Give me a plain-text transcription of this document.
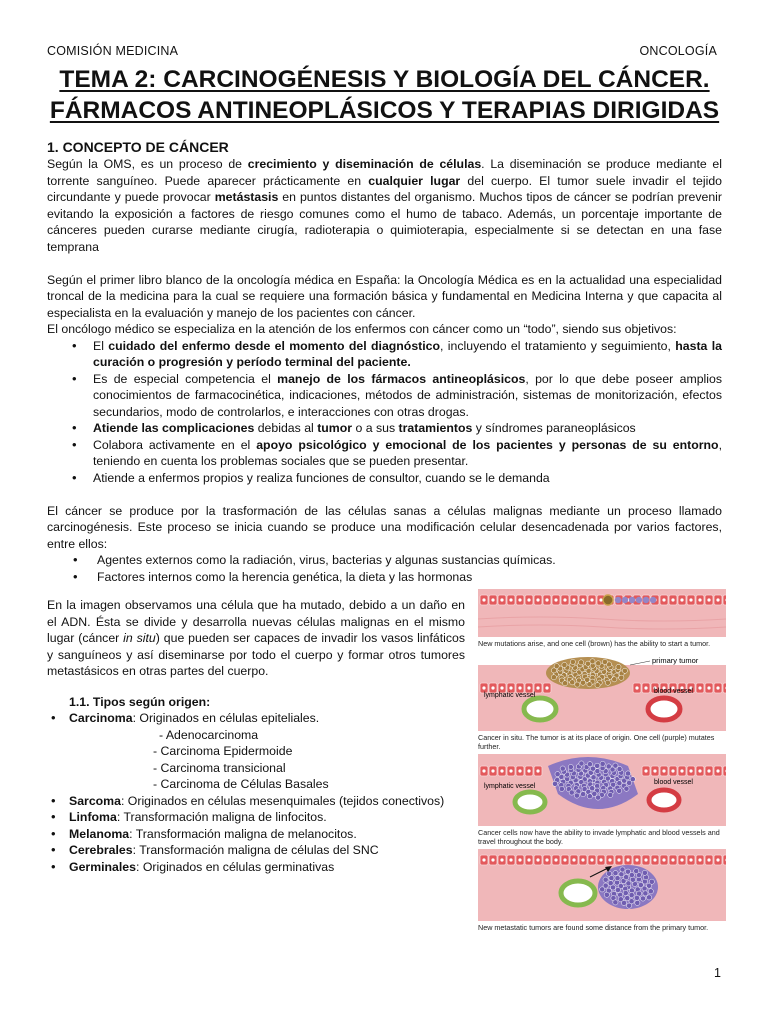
COMISIÓN MEDICINA	ONCOLOGÍA
TEMA 2: CARCINOGÉNESIS Y BIOLOGÍA DEL CÁNCER.
FÁRMACOS ANTINEOPLÁSICOS Y TERAPIAS DIRIGIDAS
1. CONCEPTO DE CÁNCER

Según la OMS, es un proceso de crecimiento y diseminación de células. La diseminación se produce mediante el torrente sanguíneo. Puede aparecer prácticamente en cualquier lugar del cuerpo. El tumor suele invadir el tejido circundante y puede provocar metástasis en puntos distantes del organismo. Muchos tipos de cáncer se podrían prevenir evitando la exposición a factores de riesgo comunes como el humo de tabaco. Además, un porcentaje importante de cánceres pueden curarse mediante cirugía, radioterapia o quimioterapia, especialmente si se detectan en una fase temprana

Según el primer libro blanco de la oncología médica en España: la Oncología Médica es en la actualidad una especialidad troncal de la medicina para la cual se requiere una formación básica y fundamental en Medicina Interna y que capacita al especialista en la evaluación y manejo de los pacientes con cáncer.

El oncólogo médico se especializa en la atención de los enfermos con cáncer como un “todo”, siendo sus objetivos:

• El cuidado del enfermo desde el momento del diagnóstico, incluyendo el tratamiento y seguimiento, hasta la curación o progresión y período terminal del paciente.
• Es de especial competencia el manejo de los fármacos antineoplásicos, por lo que debe poseer amplios conocimientos de farmacocinética, indicaciones, métodos de administración, sistemas de monitorización, efectos secundarios, modo de controlarlos, e interacciones con otras drogas.
• Atiende las complicaciones debidas al tumor o a sus tratamientos y síndromes paraneoplásicos
• Colabora activamente en el apoyo psicológico y emocional de los pacientes y personas de su entorno, teniendo en cuenta los problemas sociales que se pueden presentar.
• Atiende a enfermos propios y realiza funciones de consultor, cuando se le demanda

El cáncer se produce por la trasformación de las células sanas a células malignas mediante un proceso llamado carcinogénesis. Este proceso se inicia cuando se produce una modificación celular desencadenada por varios factores, entre ellos:

• Agentes externos como la radiación, virus, bacterias y algunas sustancias químicas.
• Factores internos como la herencia genética, la dieta y las hormonas

En la imagen observamos una célula que ha mutado, debido a un daño en el ADN. Ésta se divide y desarrolla nuevas células malignas en el mismo lugar (cáncer in situ) que pueden ser capaces de invadir los vasos linfáticos y sanguíneos y así diseminarse por todo el cuerpo y formar otros tumores metastásicos en otras partes del cuerpo.

1.1. Tipos según origen:
• Carcinoma: Originados en células epiteliales.
- Adenocarcinoma
- Carcinoma Epidermoide
- Carcinoma transicional
- Carcinoma de Células Basales
• Sarcoma: Originados en células mesenquimales (tejidos conectivos)
• Linfoma: Transformación maligna de linfocitos.
• Melanoma: Transformación maligna de melanocitos.
• Cerebrales: Transformación maligna de células del SNC
• Germinales: Originados en células germinativas
New mutations arise, and one cell (brown) has the ability to start a tumor.
primary tumor
lymphatic vessel
blood vessel
Cancer in situ. The tumor is at its place of origin. One cell (purple) mutates further.
lymphatic vessel
blood vessel
Cancer cells now have the ability to invade lymphatic and blood vessels and travel throughout the body.
New metastatic tumors are found some distance from the primary tumor.
1
